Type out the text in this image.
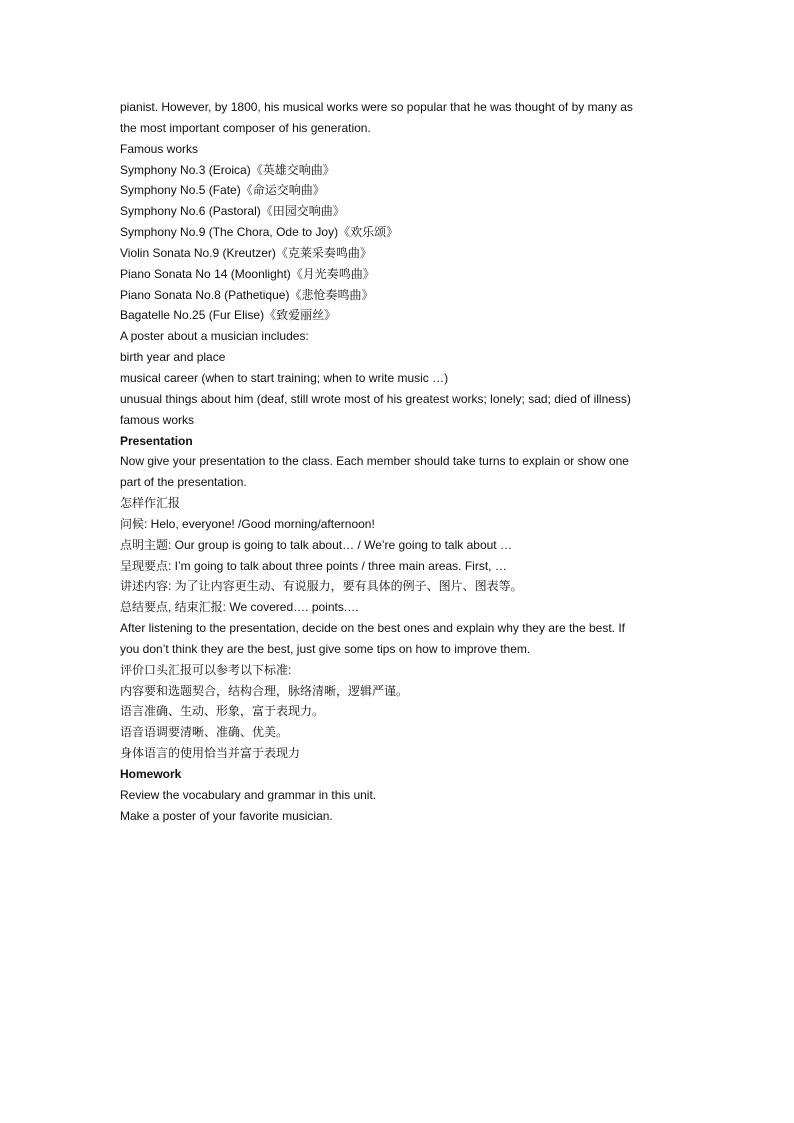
pianist. However, by 1800, his musical works were so popular that he was thought of by many as

the most important composer of his generation.

Famous works

Symphony No.3 (Eroica)《英雄交响曲》

Symphony No.5 (Fate)《命运交响曲》

Symphony No.6 (Pastoral)《田园交响曲》

Symphony No.9 (The Chora, Ode to Joy)《欢乐颂》

Violin Sonata No.9 (Kreutzer)《克莱采奏鸣曲》

Piano Sonata No 14 (Moonlight)《月光奏鸣曲》

Piano Sonata No.8 (Pathetique)《悲怆奏鸣曲》

Bagatelle No.25 (Fur Elise)《致爱丽丝》

A poster about a musician includes:

birth year and place

musical career (when to start training; when to write music …)

unusual things about him (deaf, still wrote most of his greatest works; lonely; sad; died of illness)

famous works

Presentation

Now give your presentation to the class. Each member should take turns to explain or show one

part of the presentation.

怎样作汇报

问候: Helo, everyone! /Good morning/afternoon!

点明主题: Our group is going to talk about… / We’re going to talk about …

呈现要点: I’m going to talk about three points / three main areas. First, …

讲述内容: 为了让内容更生动、有说服力，要有具体的例子、图片、图表等。

总结要点, 结束汇报: We covered…. points.…

After listening to the presentation, decide on the best ones and explain why they are the best. If

you don’t think they are the best, just give some tips on how to improve them.

评价口头汇报可以参考以下标准:

内容要和选题契合，结构合理，脉络清晰，逻辑严谨。

语言准确、生动、形象，富于表现力。

语音语调要清晰、准确、优美。

身体语言的使用恰当并富于表现力

Homework

Review the vocabulary and grammar in this unit.

Make a poster of your favorite musician.
